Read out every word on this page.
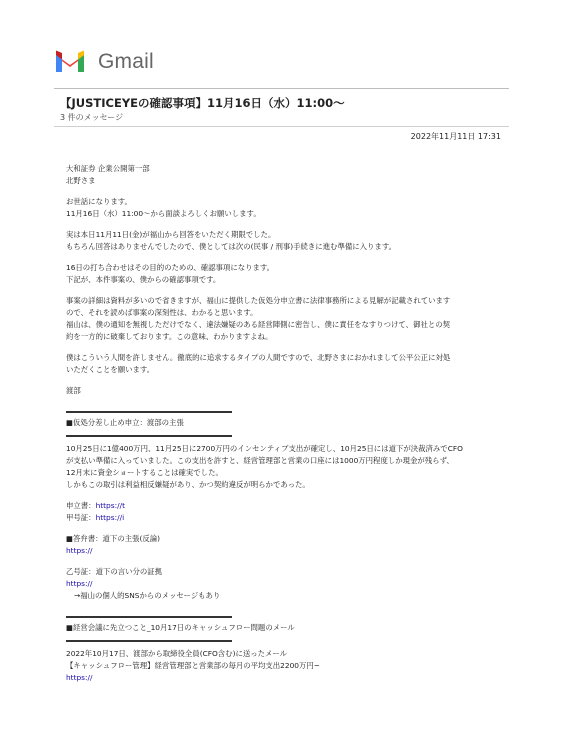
Gmail
【JUSTICEYEの確認事項】11月16日（水）11:00〜
3 件のメッセージ
2022年11月11日 17:31

大和証券 企業公開第一部
北野さま

お世話になります。
11月16日（水）11:00〜から面談よろしくお願いします。

実は本日11月11日(金)が福山から回答をいただく期限でした。
もちろん回答はありませんでしたので、僕としては次の(民事 / 刑事)手続きに進む準備に入ります。

16日の打ち合わせはその目的のための、確認事項になります。
下記が、本件事案の、僕からの確認事項です。

事案の詳細は資料が多いので省きますが、福山に提供した仮処分申立書に法律事務所による見解が記載されています
ので、それを読めば事案の深刻性は、わかると思います。
福山は、僕の通知を無視しただけでなく、違法嫌疑のある経営陣側に密告し、僕に責任をなすりつけて、御社との契
約を一方的に破棄しております。この意味、わかりますよね。

僕はこういう人間を許しません。徹底的に追求するタイプの人間ですので、北野さまにおかれまして公平公正に対処
いただくことを願います。

渡部

■仮処分差し止め申立：渡部の主張

10月25日に1億400万円、11月25日に2700万円のインセンティブ支出が確定し、10月25日には道下が決裁済みでCFO
が支払い準備に入っていました。この支出を許すと、経営管理部と営業の口座には1000万円程度しか現金が残らず、
12月末に資金ショートすることは確実でした。
しかもこの取引は利益相反嫌疑があり、かつ契約違反が明らかであった。

申立書：https://t
甲号証：https://i

■答弁書：道下の主張(反論)
https://

乙号証：道下の言い分の証拠
https://
→福山の個人的SNSからのメッセージもあり

■経営会議に先立つこと_10月17日のキャッシュフロー問題のメール

2022年10月17日、渡部から取締役全員(CFO含む)に送ったメール
【キャッシュフロー管理】経営管理部と営業部の毎月の平均支出2200万円~
https://
